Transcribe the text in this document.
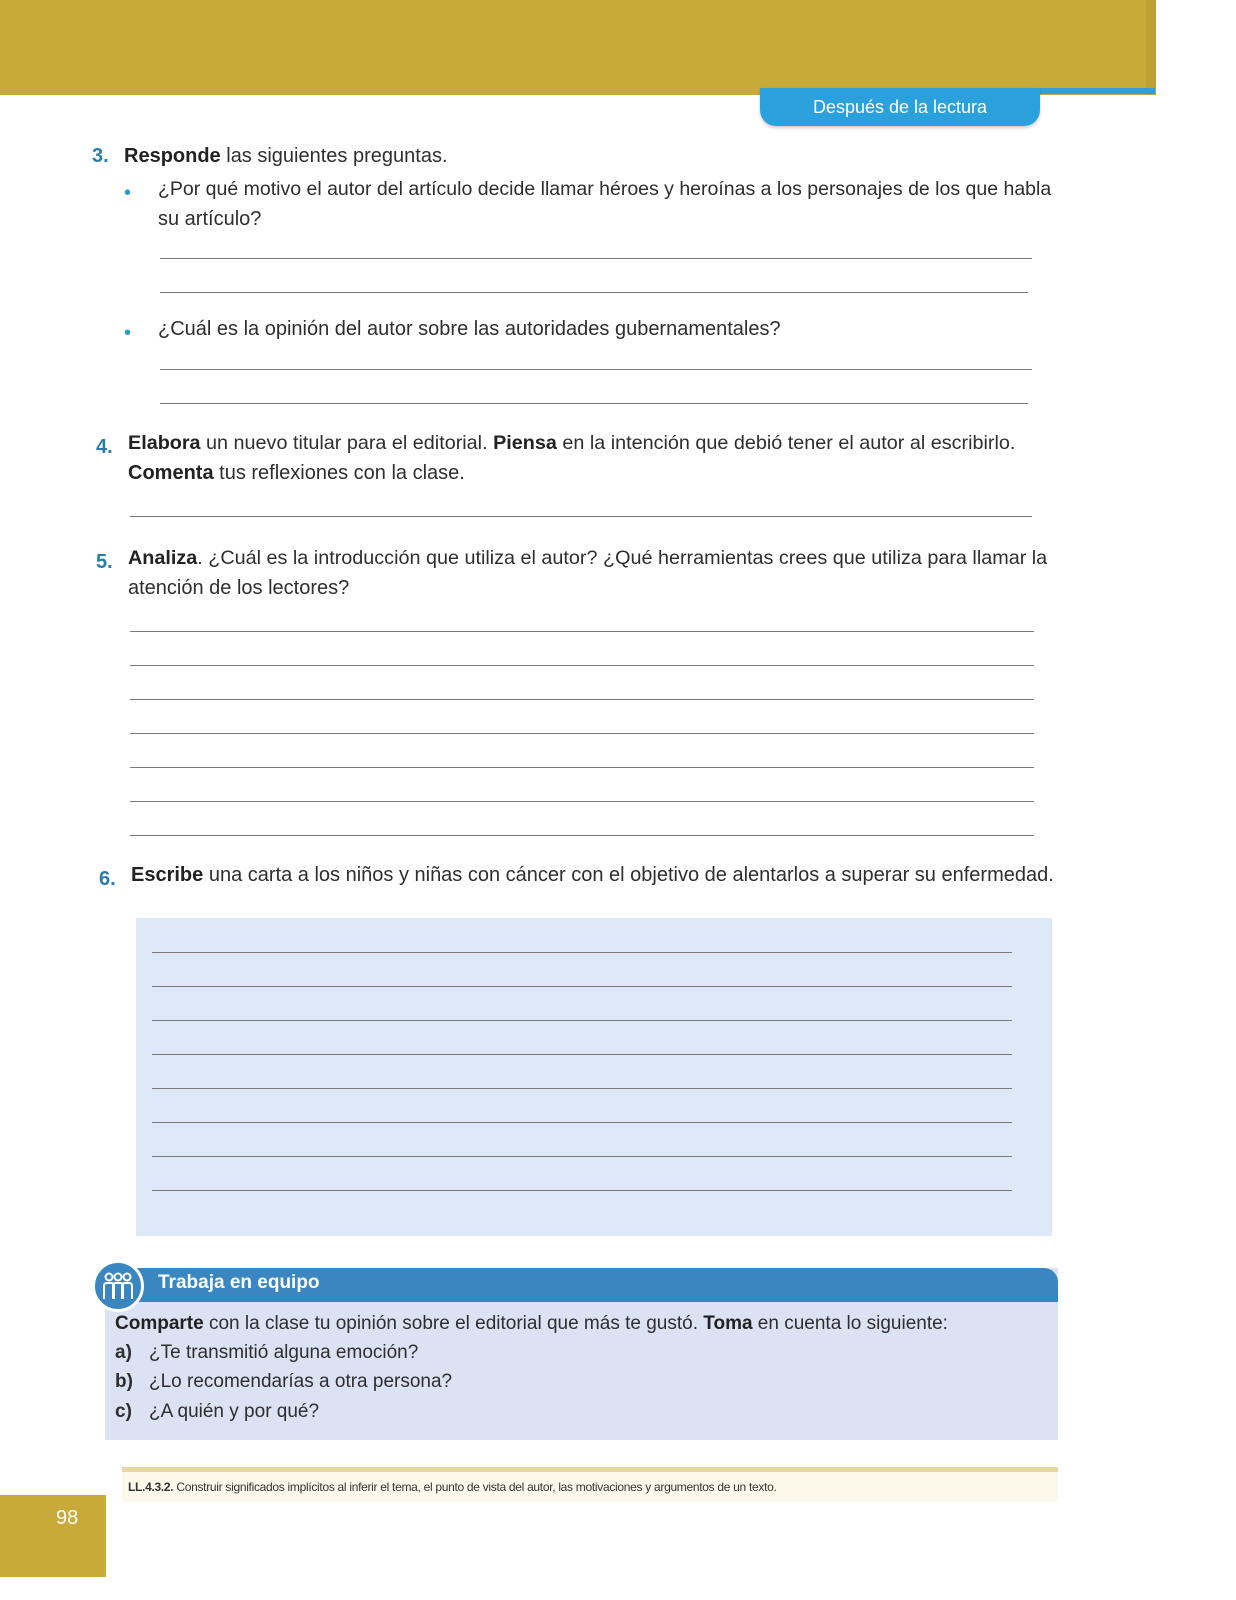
Después de la lectura
3. Responde las siguientes preguntas.
• ¿Por qué motivo el autor del artículo decide llamar héroes y heroínas a los personajes de los que habla
su artículo?
• ¿Cuál es la opinión del autor sobre las autoridades gubernamentales?
4. Elabora un nuevo titular para el editorial. Piensa en la intención que debió tener el autor al escribirlo.
Comenta tus reflexiones con la clase.
5. Analiza. ¿Cuál es la introducción que utiliza el autor? ¿Qué herramientas crees que utiliza para llamar la
atención de los lectores?
6. Escribe una carta a los niños y niñas con cáncer con el objetivo de alentarlos a superar su enfermedad.
Trabaja en equipo
Comparte con la clase tu opinión sobre el editorial que más te gustó. Toma en cuenta lo siguiente:
a) ¿Te transmitió alguna emoción?
b) ¿Lo recomendarías a otra persona?
c) ¿A quién y por qué?
LL.4.3.2. Construir significados implícitos al inferir el tema, el punto de vista del autor, las motivaciones y argumentos de un texto.
98
